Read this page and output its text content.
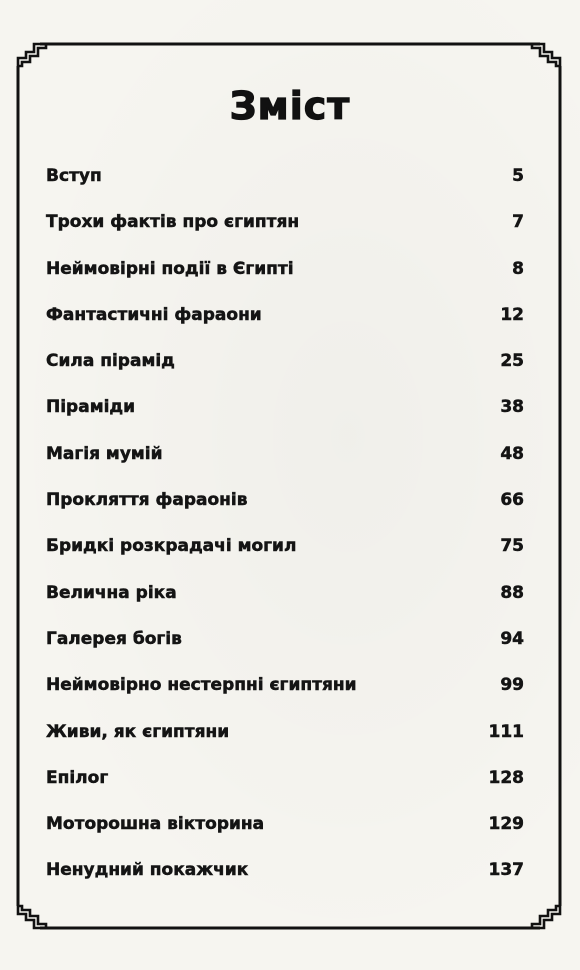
Зміст
Вступ	5
Трохи фактів про єгиптян	7
Неймовірні події в Єгипті	8
Фантастичні фараони	12
Сила пірамід	25
Піраміди	38
Магія мумій	48
Прокляття фараонів	66
Бридкі розкрадачі могил	75
Велична ріка	88
Галерея богів	94
Неймовірно нестерпні єгиптяни	99
Живи, як єгиптяни	111
Епілог	128
Моторошна вікторина	129
Ненудний покажчик	137
